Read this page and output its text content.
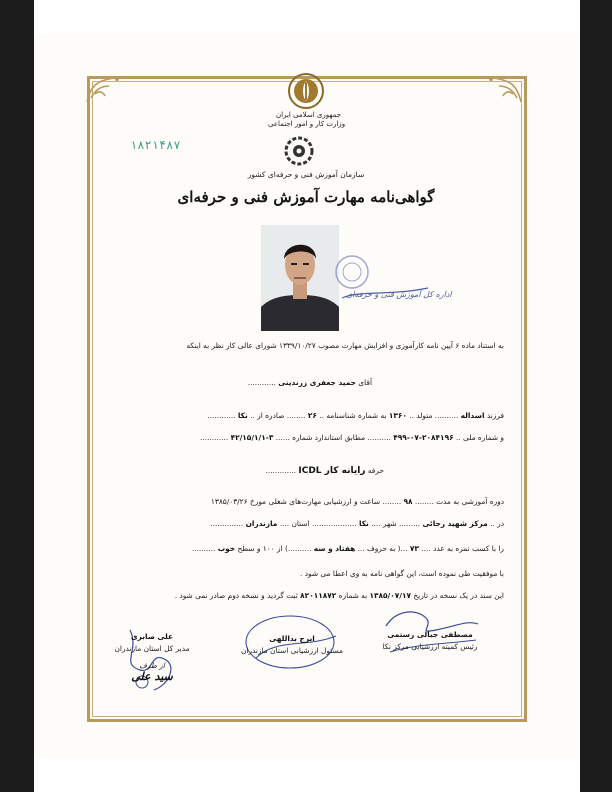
جمهوری اسلامی ایران
وزارت کار و امور اجتماعی
۱۸۲۱۴۸۷
سازمان آموزش فنی و حرفه‌ای کشور
گواهی‌نامه مهارت آموزش فنی و حرفه‌ای
اداره کل آموزش فنی و حرفه‌ای
به استناد ماده ۶ آیین نامه کارآموزی و افزایش مهارت مصوب ۱۳۳۹/۱۰/۲۷ شورای عالی کار نظر به اینکه
آقای حمید جعفری زرندینی ............
فرزند اسداله .......... متولد .. ۱۳۶۰ به شماره شناسنامه .. ۲۶ ........ صادره از .. نکا ............
و شماره ملی .. ۲۰۸۴۱۹۶-۰۷-۴۹۹ .......... مطابق استاندارد شماره ...... ۳-۴۲/۱۵/۱/۱ ............
حرفه رایانه کار ICDL .............
دوره آموزشی به مدت ........ ۹۸ ........ ساعت و ارزشیابی مهارت‌های شغلی مورخ ۱۳۸۵/۰۳/۲۶
در .. مرکز شهید رجائی ......... شهر .... نکا ................... استان .... مازندران ..............
را با کسب نمره به عدد .... ۷۳ ...( به حروف ... هفتاد و سه ..........) از ۱۰۰ و سطح خوب ..........
با موفقیت طی نموده است، این گواهی نامه به وی اعطا می شود .
این سند در یک نسخه در تاریخ ۱۳۸۵/۰۷/۱۷ به شماره ۸۲۰۱۱۸۷۲ ثبت گردید و نسخه دوم صادر نمی شود .
مصطفی جبالی رستمی
رئیس کمیته ارزشیابی مرکز نکا
ایرج بداللهی
مسئول ارزشیابی استان مازندران
علی صابری
مدیر کل استان مازندران
از طرف
سید علی
